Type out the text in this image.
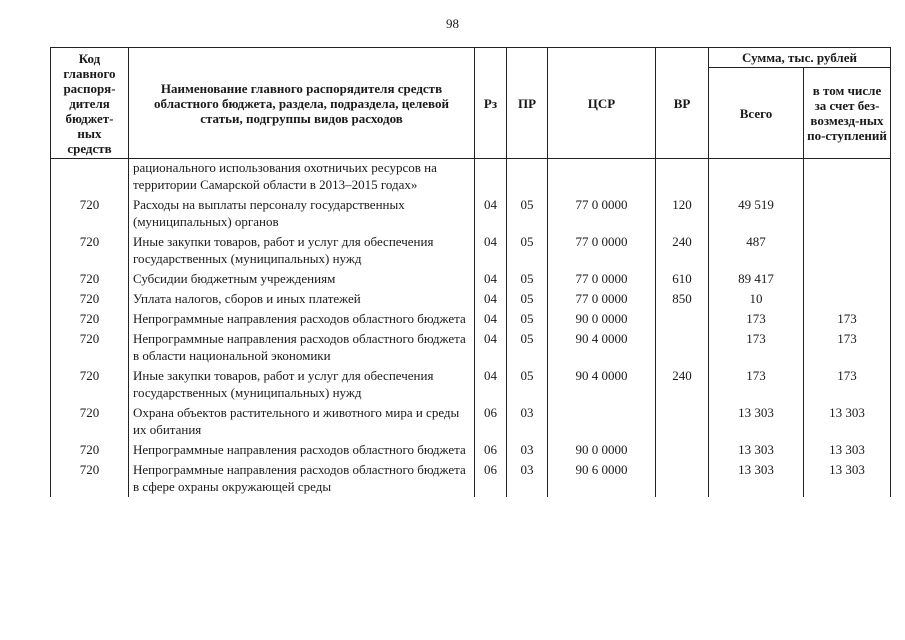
98
Код главного распоря-дителя бюджет-ных средств	Наименование главного распорядителя средств областного бюджета, раздела, подраздела, целевой статьи, подгруппы видов расходов	Рз	ПР	ЦСР	ВР	Сумма, тыс. рублей	
						Всего	в том числе за счет без-возмезд-ных по-ступлений
	рационального использования охотничьих ресурсов на территории Самарской области в 2013–2015 годах»						
720	Расходы на выплаты персоналу государственных (муниципальных) органов	04	05	77 0 0000	120	49 519	
720	Иные закупки товаров, работ и услуг для обеспечения государственных (муниципальных) нужд	04	05	77 0 0000	240	487	
720	Субсидии бюджетным учреждениям	04	05	77 0 0000	610	89 417	
720	Уплата налогов, сборов и иных платежей	04	05	77 0 0000	850	10	
720	Непрограммные направления расходов областного бюджета	04	05	90 0 0000		173	173
720	Непрограммные направления расходов областного бюджета в области национальной экономики	04	05	90 4 0000		173	173
720	Иные закупки товаров, работ и услуг для обеспечения государственных (муниципальных) нужд	04	05	90 4 0000	240	173	173
720	Охрана объектов растительного и животного мира и среды их обитания	06	03			13 303	13 303
720	Непрограммные направления расходов областного бюджета	06	03	90 0 0000		13 303	13 303
720	Непрограммные направления расходов областного бюджета в сфере охраны окружающей среды	06	03	90 6 0000		13 303	13 303
